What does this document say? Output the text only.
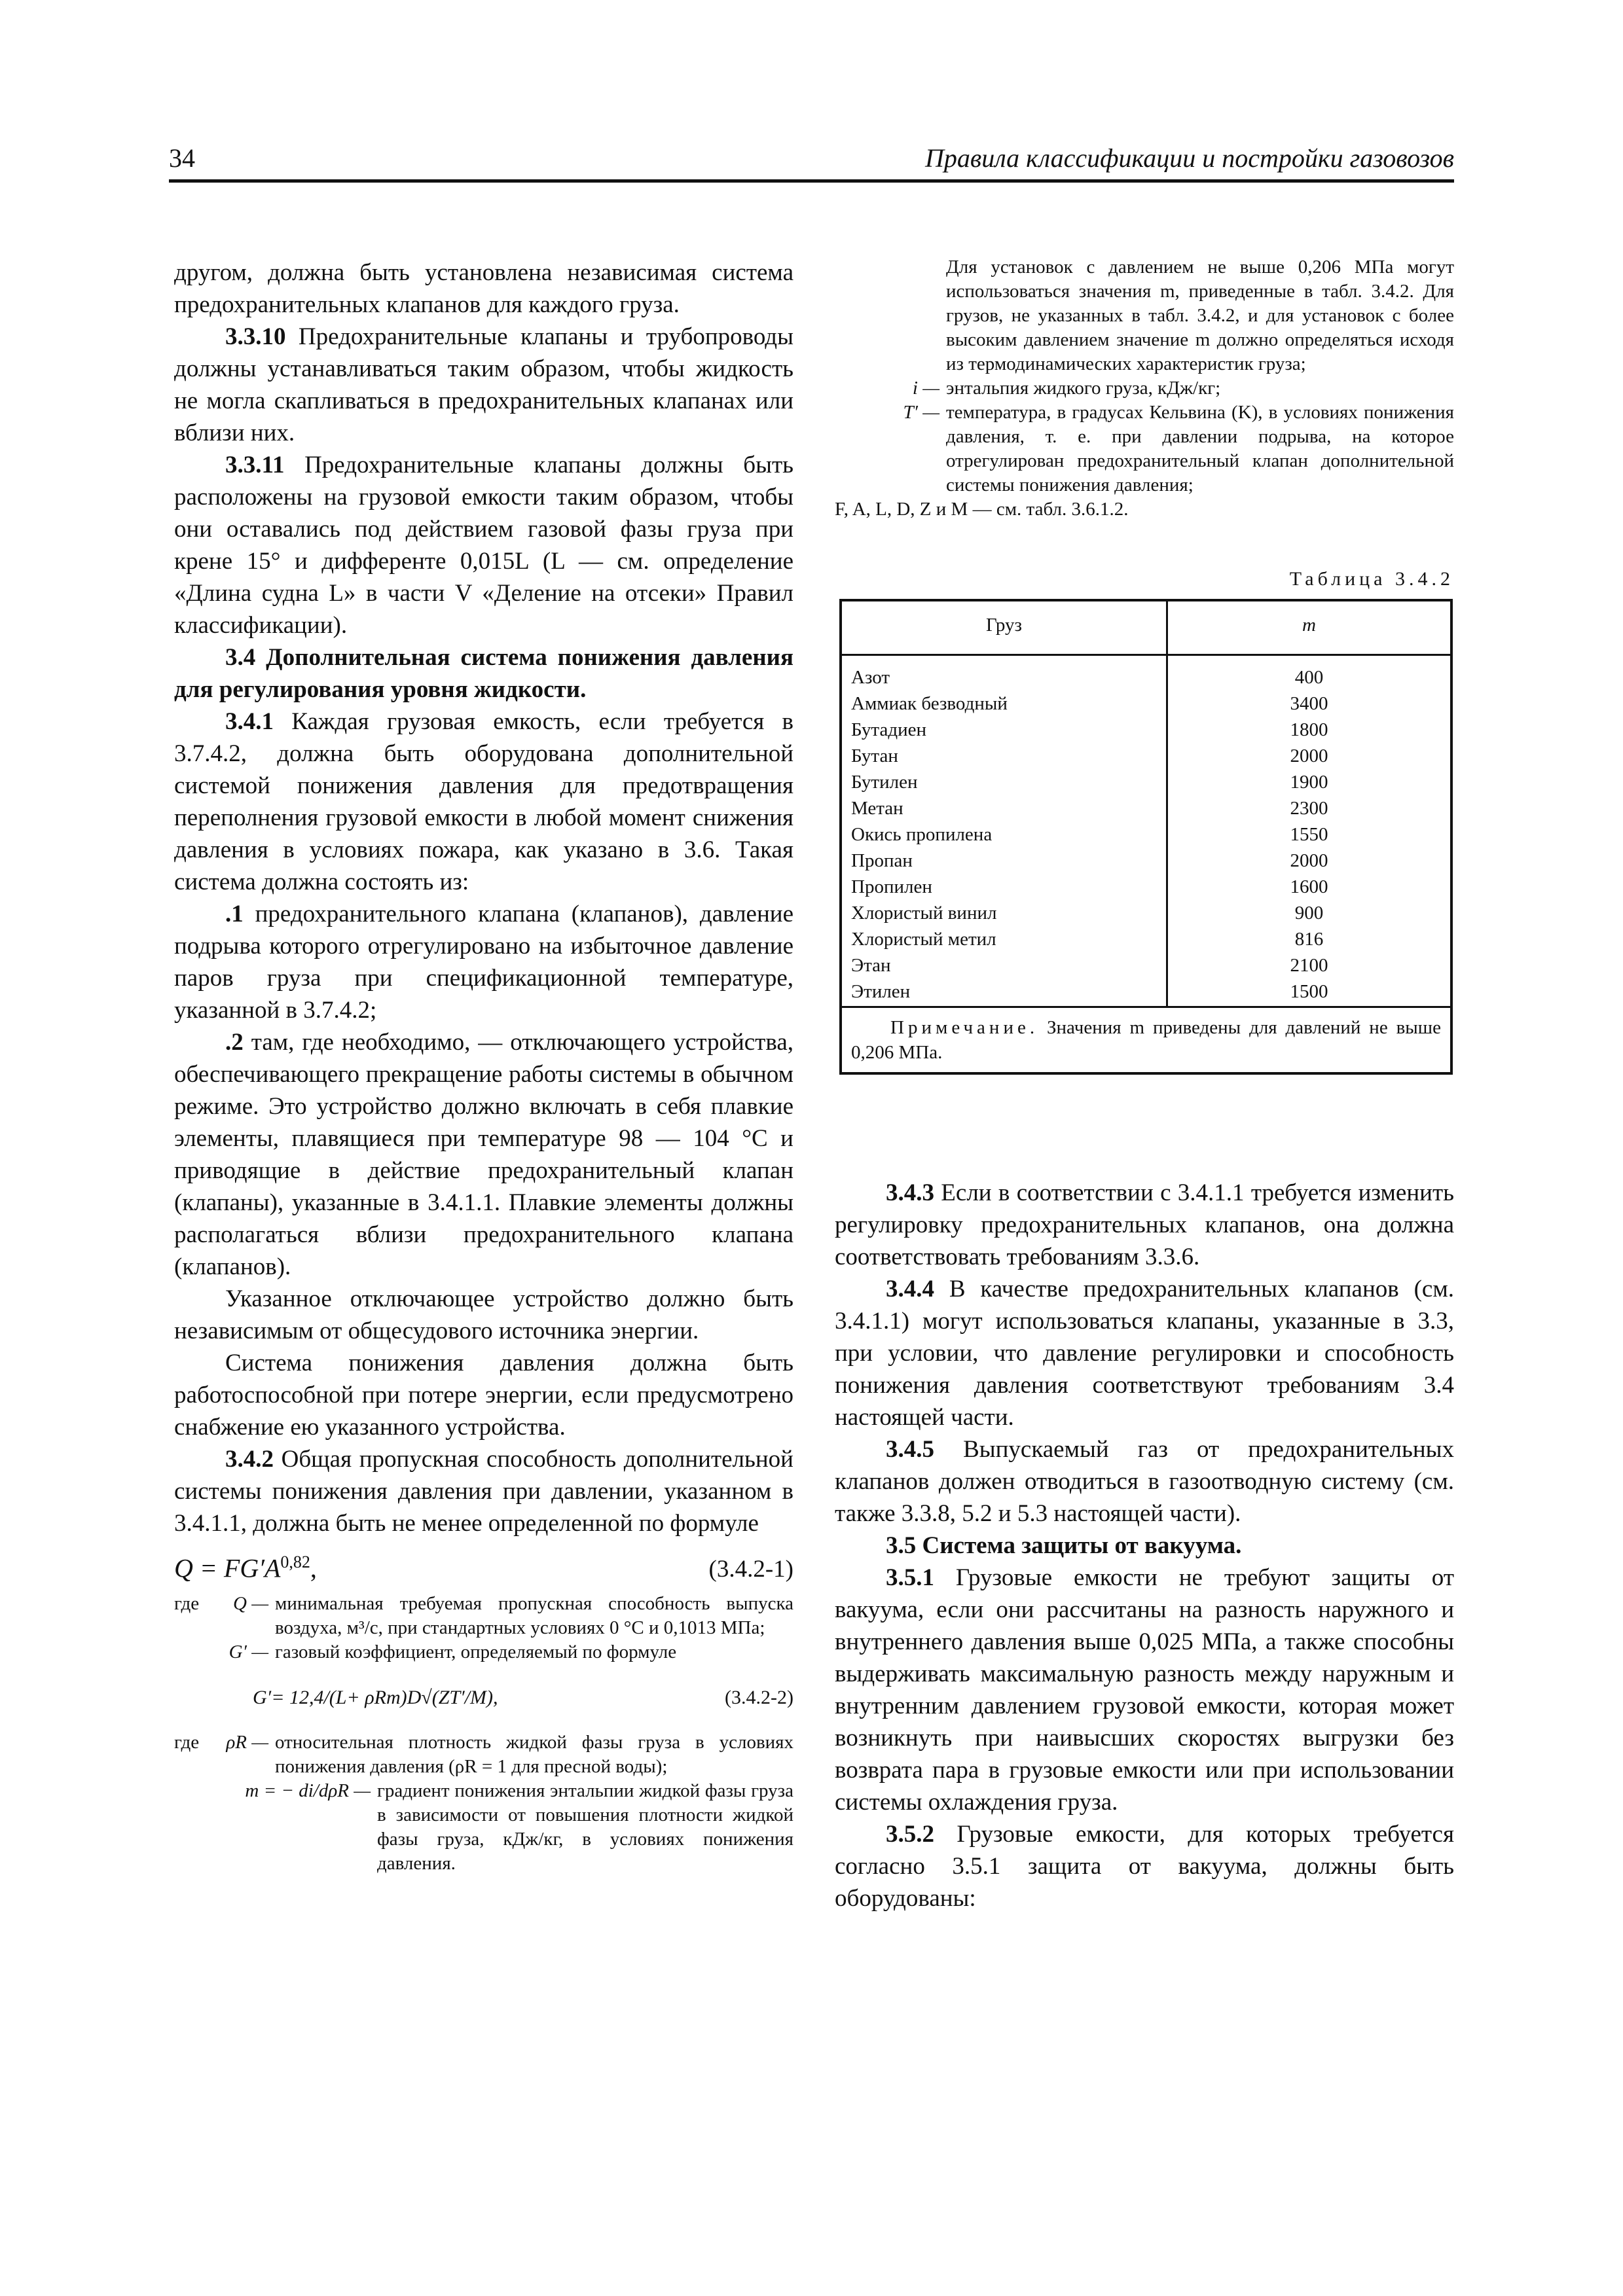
34	Правила классификации и постройки газовозов

другом, должна быть установлена независимая система предохранительных клапанов для каждого груза.

3.3.10 Предохранительные клапаны и трубопроводы должны устанавливаться таким образом, чтобы жидкость не могла скапливаться в предохранительных клапанах или вблизи них.

3.3.11 Предохранительные клапаны должны быть расположены на грузовой емкости таким образом, чтобы они оставались под действием газовой фазы груза при крене 15° и дифференте 0,015L (L — см. определение «Длина судна L» в части V «Деление на отсеки» Правил классификации).

3.4 Дополнительная система понижения давления для регулирования уровня жидкости.

3.4.1 Каждая грузовая емкость, если требуется в 3.7.4.2, должна быть оборудована дополнительной системой понижения давления для предотвращения переполнения грузовой емкости в любой момент снижения давления в условиях пожара, как указано в 3.6. Такая система должна состоять из:

.1 предохранительного клапана (клапанов), давление подрыва которого отрегулировано на избыточное давление паров груза при спецификационной температуре, указанной в 3.7.4.2;

.2 там, где необходимо, — отключающего устройства, обеспечивающего прекращение работы системы в обычном режиме. Это устройство должно включать в себя плавкие элементы, плавящиеся при температуре 98 — 104 °С и приводящие в действие предохранительный клапан (клапаны), указанные в 3.4.1.1. Плавкие элементы должны располагаться вблизи предохранительного клапана (клапанов).

Указанное отключающее устройство должно быть независимым от общесудового источника энергии.

Система понижения давления должна быть работоспособной при потере энергии, если предусмотрено снабжение ею указанного устройства.

3.4.2 Общая пропускная способность дополнительной системы понижения давления при давлении, указанном в 3.4.1.1, должна быть не менее определенной по формуле

$Q = FG'A^{0,82}$,	(3.4.2-1)
где	Q — минимальная требуемая пропускная способность выпуска воздуха, м³/с, при стандартных условиях 0 °С и 0,1013 МПа;
G′ — газовый коэффициент, определяемый по формуле
G′= 12,4/(L+ ρRm)D√(ZT′/M),	(3.4.2-2)
где	ρR — относительная плотность жидкой фазы груза в условиях понижения давления (ρR = 1 для пресной воды);
m = − di/dρR — градиент понижения энтальпии жидкой фазы груза в зависимости от повышения плотности жидкой фазы груза, кДж/кг, в условиях понижения давления.
Для установок с давлением не выше 0,206 МПа могут использоваться значения m, приведенные в табл. 3.4.2. Для грузов, не указанных в табл. 3.4.2, и для установок с более высоким давлением значение m должно определяться исходя из термодинамических характеристик груза;
i — энтальпия жидкого груза, кДж/кг;
T′ — температура, в градусах Кельвина (K), в условиях понижения давления, т. е. при давлении подрыва, на которое отрегулирован предохранительный клапан дополнительной системы понижения давления;
F, A, L, D, Z и M — см. табл. 3.6.1.2.
Таблица 3.4.2
Груз	m
Азот	400
Аммиак безводный	3400
Бутадиен	1800
Бутан	2000
Бутилен	1900
Метан	2300
Окись пропилена	1550
Пропан	2000
Пропилен	1600
Хлористый винил	900
Хлористый метил	816
Этан	2100
Этилен	1500
Примечание. Значения m приведены для давлений не выше 0,206 МПа.

3.4.3 Если в соответствии с 3.4.1.1 требуется изменить регулировку предохранительных клапанов, она должна соответствовать требованиям 3.3.6.

3.4.4 В качестве предохранительных клапанов (см. 3.4.1.1) могут использоваться клапаны, указанные в 3.3, при условии, что давление регулировки и способность понижения давления соответствуют требованиям 3.4 настоящей части.

3.4.5 Выпускаемый газ от предохранительных клапанов должен отводиться в газоотводную систему (см. также 3.3.8, 5.2 и 5.3 настоящей части).

3.5 Система защиты от вакуума.

3.5.1 Грузовые емкости не требуют защиты от вакуума, если они рассчитаны на разность наружного и внутреннего давления выше 0,025 МПа, а также способны выдерживать максимальную разность между наружным и внутренним давлением грузовой емкости, которая может возникнуть при наивысших скоростях выгрузки без возврата пара в грузовые емкости или при использовании системы охлаждения груза.

3.5.2 Грузовые емкости, для которых требуется согласно 3.5.1 защита от вакуума, должны быть оборудованы:
